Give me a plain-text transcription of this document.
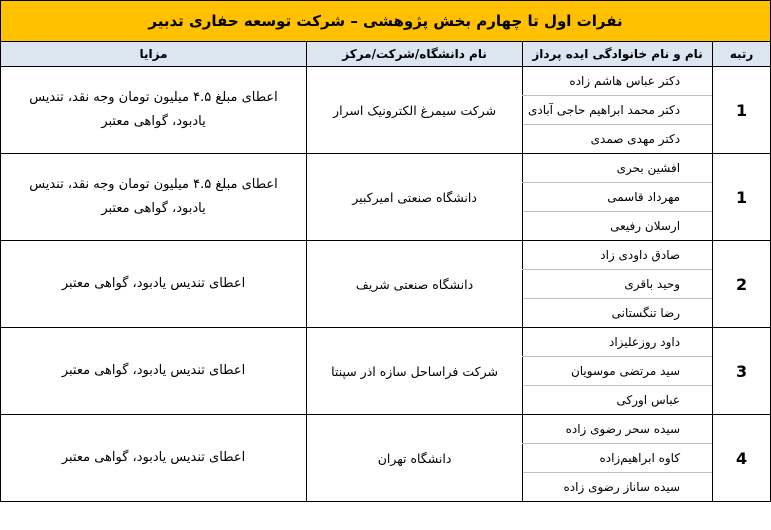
نفرات اول تا چهارم بخش پژوهشی – شرکت توسعه حفاری تدبیر			
رتبه	نام و نام خانوادگی ایده پرداز	نام دانشگاه/شرکت/مرکز	مزایا
1	دکتر عباس هاشم زاده	شرکت سیمرغ الکترونیک اسرار	اعطای مبلغ ۴.۵ میلیون تومان وجه نقد، تندیس یادبود، گواهی معتبر
	دکتر محمد ابراهیم حاجی آبادی		
	دکتر مهدی صمدی		
1	افشین بحری	دانشگاه صنعتی امیرکبیر	اعطای مبلغ ۴.۵ میلیون تومان وجه نقد، تندیس یادبود، گواهی معتبر
	مهرداد قاسمی		
	ارسلان رفیعی		
2	صادق داودی زاد	دانشگاه صنعتی شریف	اعطای تندیس یادبود، گواهی معتبر
	وحید باقری		
	رضا تنگستانی		
3	داود روزعلیزاد	شرکت فراساحل سازه اذر سپنتا	اعطای تندیس یادبود، گواهی معتبر
	سید مرتضی موسویان		
	عباس اورکی		
4	سیده سحر رضوی زاده	دانشگاه تهران	اعطای تندیس یادبود، گواهی معتبر
	کاوه ابراهیم‌زاده		
	سیده ساناز رضوی زاده		
